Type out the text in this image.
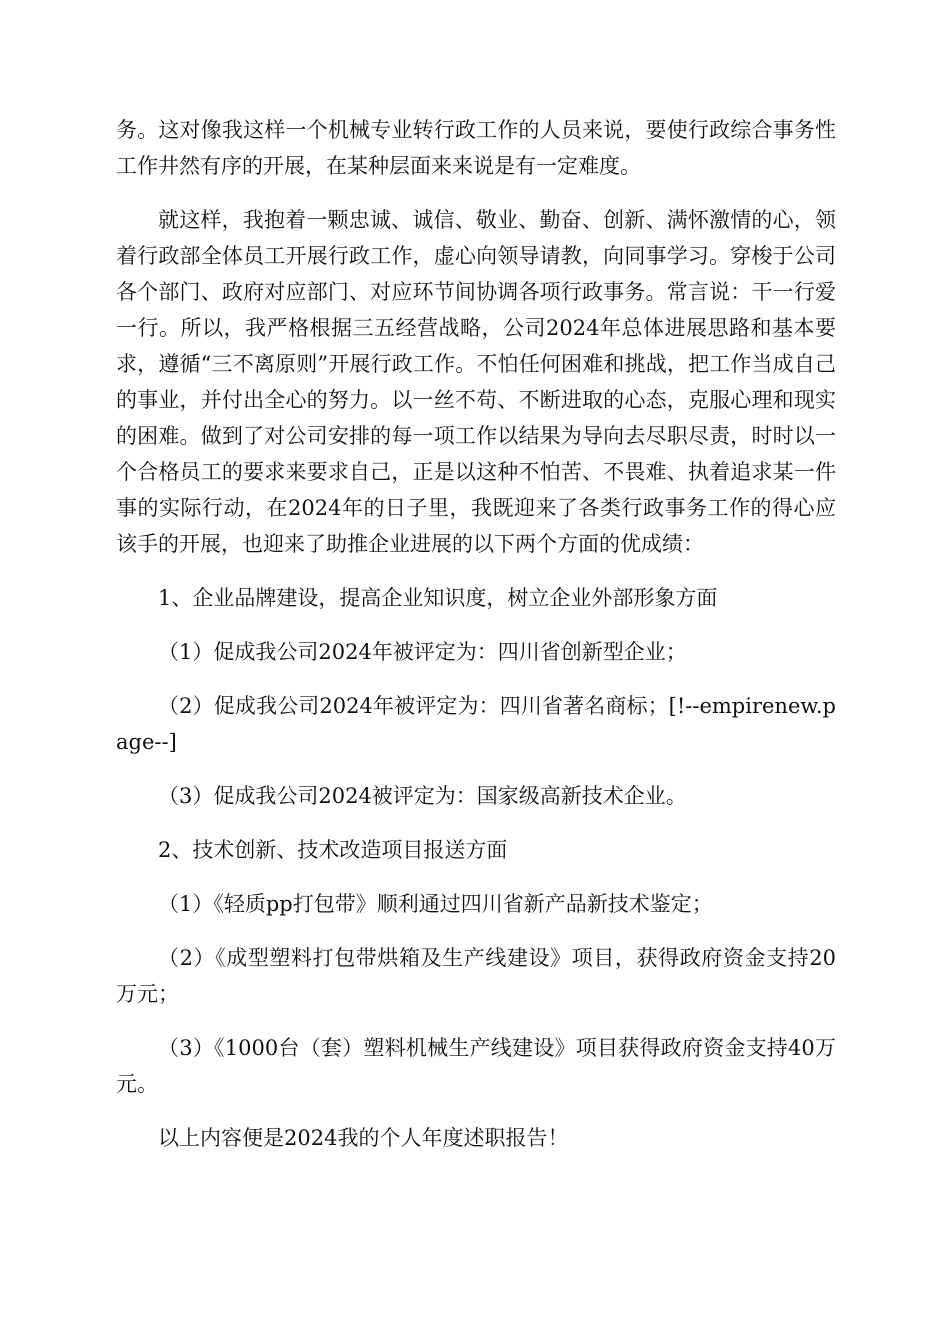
务。这对像我这样一个机械专业转行政工作的人员来说，要使行政综合事务性工作井然有序的开展，在某种层面来来说是有一定难度。

就这样，我抱着一颗忠诚、诚信、敬业、勤奋、创新、满怀激情的心，领着行政部全体员工开展行政工作，虚心向领导请教，向同事学习。穿梭于公司各个部门、政府对应部门、对应环节间协调各项行政事务。常言说：干一行爱一行。所以，我严格根据三五经营战略，公司2024年总体进展思路和基本要求，遵循“三不离原则”开展行政工作。不怕任何困难和挑战，把工作当成自己的事业，并付出全心的努力。以一丝不苟、不断进取的心态，克服心理和现实的困难。做到了对公司安排的每一项工作以结果为导向去尽职尽责，时时以一个合格员工的要求来要求自己，正是以这种不怕苦、不畏难、执着追求某一件事的实际行动，在2024年的日子里，我既迎来了各类行政事务工作的得心应该手的开展，也迎来了助推企业进展的以下两个方面的优成绩：

1、企业品牌建设，提高企业知识度，树立企业外部形象方面

（1）促成我公司2024年被评定为：四川省创新型企业；

（2）促成我公司2024年被评定为：四川省著名商标；[!--empirenew.page--]

（3）促成我公司2024被评定为：国家级高新技术企业。

2、技术创新、技术改造项目报送方面

（1）《轻质pp打包带》顺利通过四川省新产品新技术鉴定；

（2）《成型塑料打包带烘箱及生产线建设》项目，获得政府资金支持20万元；

（3）《1000台（套）塑料机械生产线建设》项目获得政府资金支持40万元。

以上内容便是2024我的个人年度述职报告！
